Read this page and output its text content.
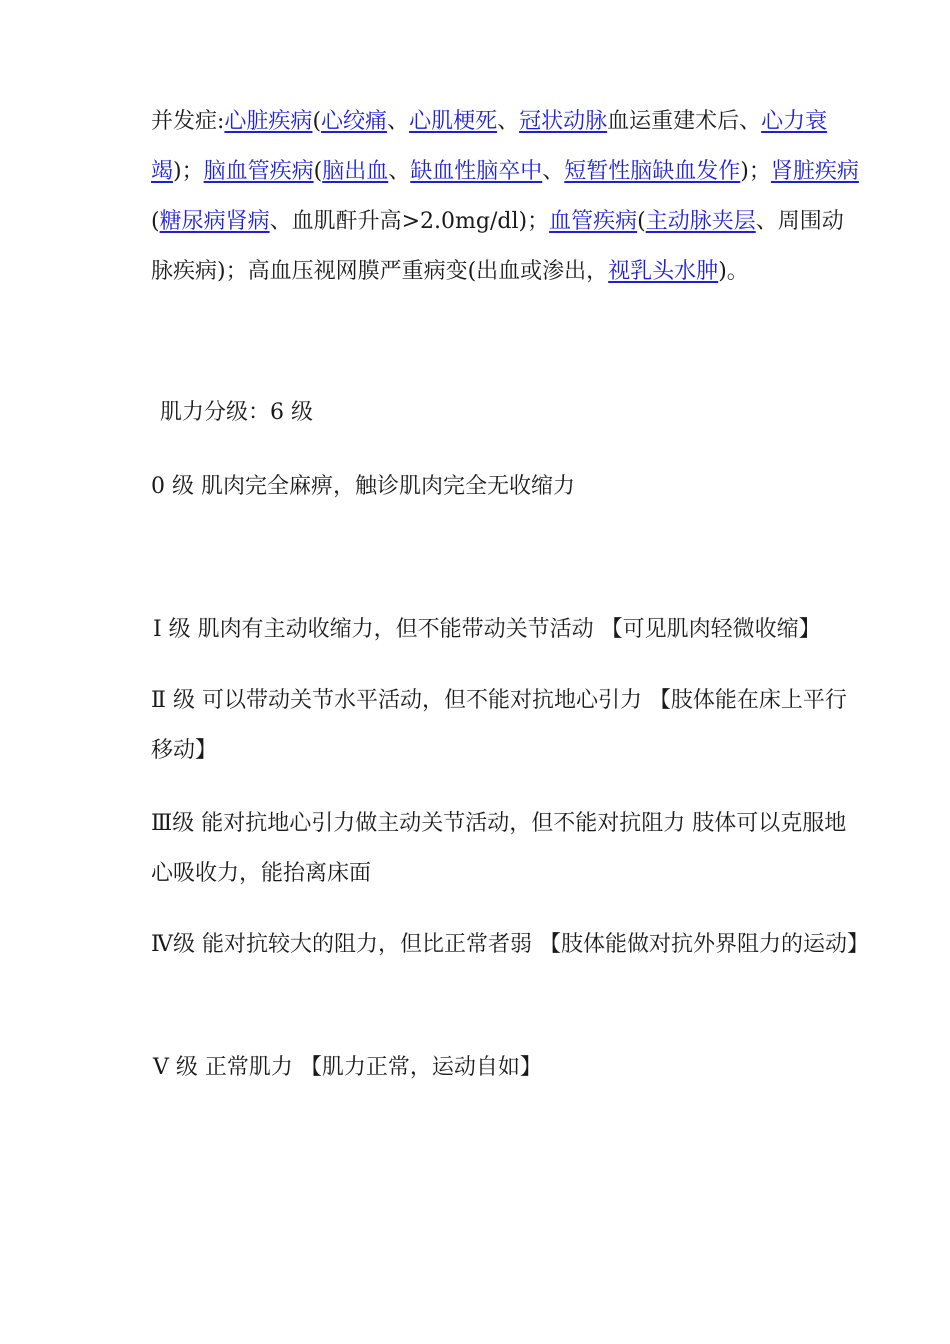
并发症:心脏疾病(心绞痛、心肌梗死、冠状动脉血运重建术后、心力衰竭)；脑血管疾病(脑出血、缺血性脑卒中、短暂性脑缺血发作)；肾脏疾病(糖尿病肾病、血肌酐升高>2.0mg/dl)；血管疾病(主动脉夹层、周围动脉疾病)；高血压视网膜严重病变(出血或渗出，视乳头水肿)。

肌力分级：6 级

0 级 肌肉完全麻痹，触诊肌肉完全无收缩力

Ⅰ 级 肌肉有主动收缩力，但不能带动关节活动 【可见肌肉轻微收缩】

Ⅱ 级 可以带动关节水平活动，但不能对抗地心引力 【肢体能在床上平行移动】

Ⅲ级 能对抗地心引力做主动关节活动，但不能对抗阻力 肢体可以克服地心吸收力，能抬离床面

Ⅳ级 能对抗较大的阻力，但比正常者弱 【肢体能做对抗外界阻力的运动】

Ⅴ 级 正常肌力 【肌力正常，运动自如】
